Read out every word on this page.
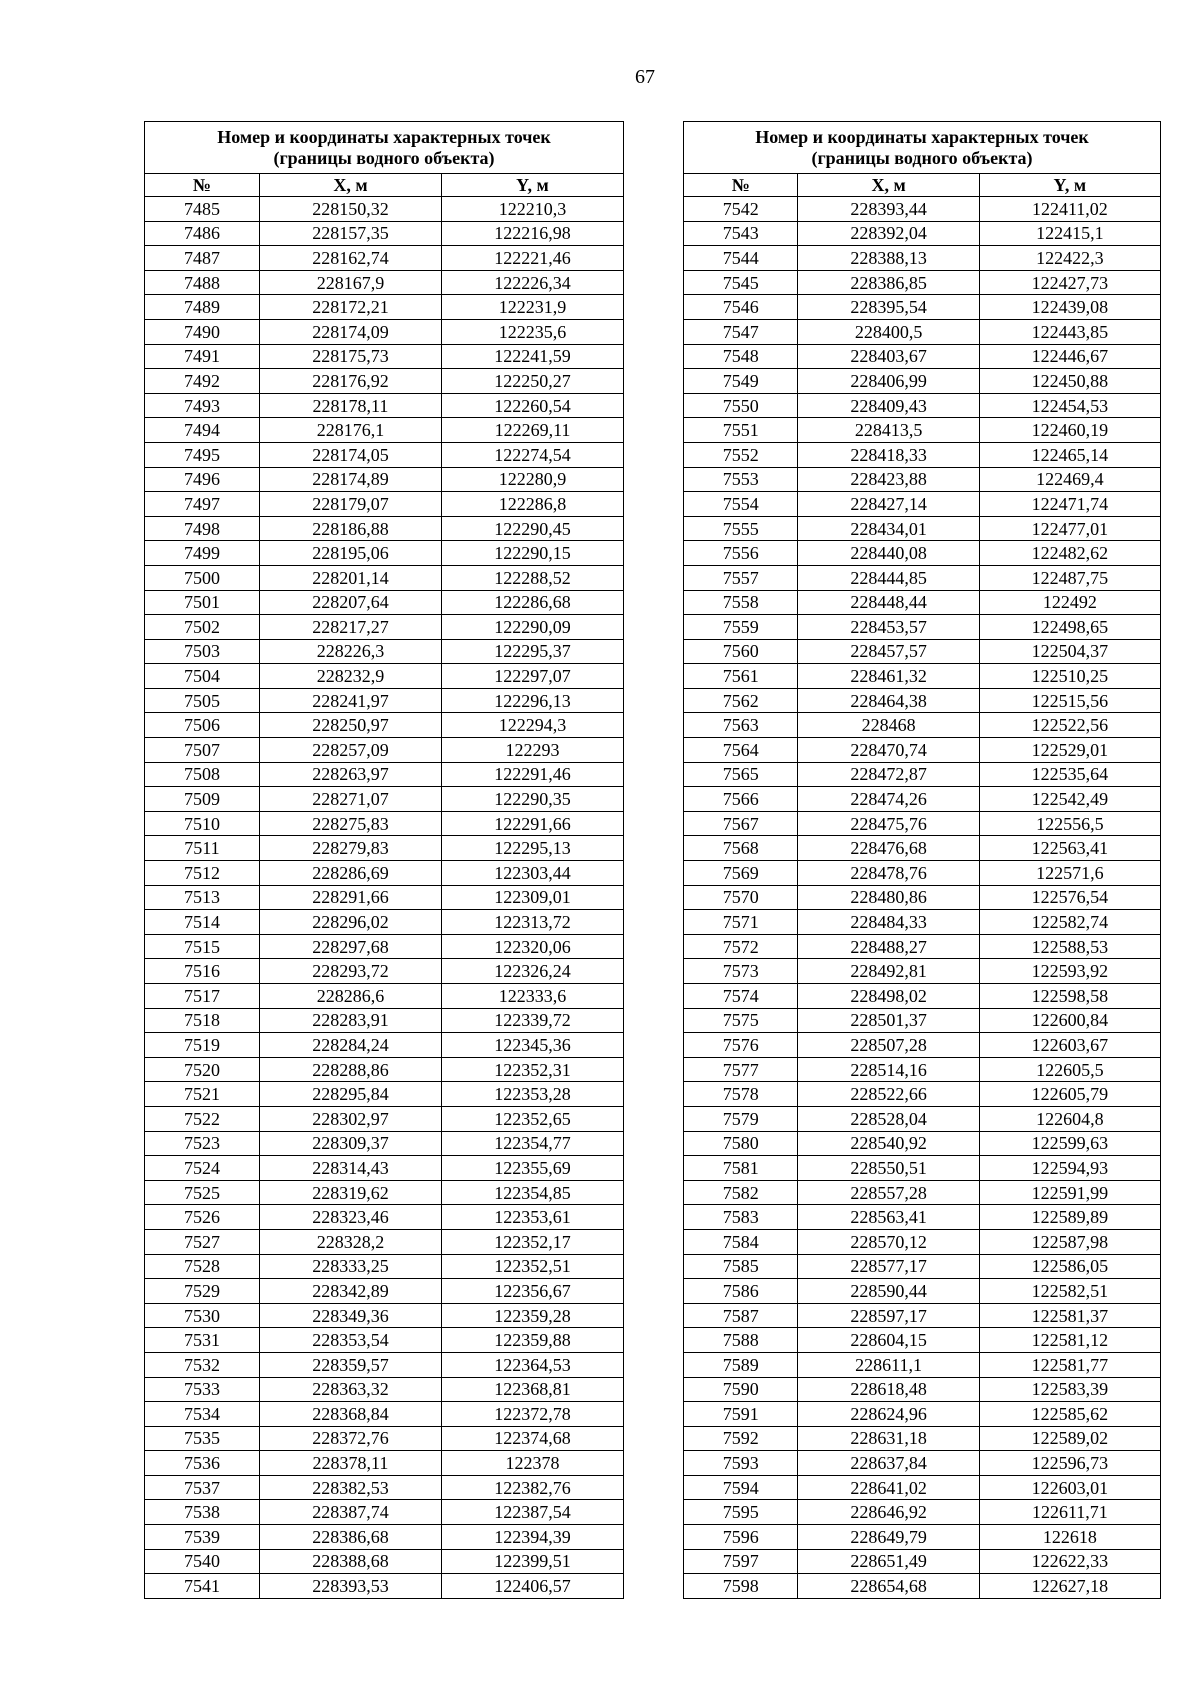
67
Номер и координаты характерных точек
(границы водного объекта)		
№	X, м	Y, м
7485	228150,32	122210,3
7486	228157,35	122216,98
7487	228162,74	122221,46
7488	228167,9	122226,34
7489	228172,21	122231,9
7490	228174,09	122235,6
7491	228175,73	122241,59
7492	228176,92	122250,27
7493	228178,11	122260,54
7494	228176,1	122269,11
7495	228174,05	122274,54
7496	228174,89	122280,9
7497	228179,07	122286,8
7498	228186,88	122290,45
7499	228195,06	122290,15
7500	228201,14	122288,52
7501	228207,64	122286,68
7502	228217,27	122290,09
7503	228226,3	122295,37
7504	228232,9	122297,07
7505	228241,97	122296,13
7506	228250,97	122294,3
7507	228257,09	122293
7508	228263,97	122291,46
7509	228271,07	122290,35
7510	228275,83	122291,66
7511	228279,83	122295,13
7512	228286,69	122303,44
7513	228291,66	122309,01
7514	228296,02	122313,72
7515	228297,68	122320,06
7516	228293,72	122326,24
7517	228286,6	122333,6
7518	228283,91	122339,72
7519	228284,24	122345,36
7520	228288,86	122352,31
7521	228295,84	122353,28
7522	228302,97	122352,65
7523	228309,37	122354,77
7524	228314,43	122355,69
7525	228319,62	122354,85
7526	228323,46	122353,61
7527	228328,2	122352,17
7528	228333,25	122352,51
7529	228342,89	122356,67
7530	228349,36	122359,28
7531	228353,54	122359,88
7532	228359,57	122364,53
7533	228363,32	122368,81
7534	228368,84	122372,78
7535	228372,76	122374,68
7536	228378,11	122378
7537	228382,53	122382,76
7538	228387,74	122387,54
7539	228386,68	122394,39
7540	228388,68	122399,51
7541	228393,53	122406,57
Номер и координаты характерных точек
(границы водного объекта)		
№	X, м	Y, м
7542	228393,44	122411,02
7543	228392,04	122415,1
7544	228388,13	122422,3
7545	228386,85	122427,73
7546	228395,54	122439,08
7547	228400,5	122443,85
7548	228403,67	122446,67
7549	228406,99	122450,88
7550	228409,43	122454,53
7551	228413,5	122460,19
7552	228418,33	122465,14
7553	228423,88	122469,4
7554	228427,14	122471,74
7555	228434,01	122477,01
7556	228440,08	122482,62
7557	228444,85	122487,75
7558	228448,44	122492
7559	228453,57	122498,65
7560	228457,57	122504,37
7561	228461,32	122510,25
7562	228464,38	122515,56
7563	228468	122522,56
7564	228470,74	122529,01
7565	228472,87	122535,64
7566	228474,26	122542,49
7567	228475,76	122556,5
7568	228476,68	122563,41
7569	228478,76	122571,6
7570	228480,86	122576,54
7571	228484,33	122582,74
7572	228488,27	122588,53
7573	228492,81	122593,92
7574	228498,02	122598,58
7575	228501,37	122600,84
7576	228507,28	122603,67
7577	228514,16	122605,5
7578	228522,66	122605,79
7579	228528,04	122604,8
7580	228540,92	122599,63
7581	228550,51	122594,93
7582	228557,28	122591,99
7583	228563,41	122589,89
7584	228570,12	122587,98
7585	228577,17	122586,05
7586	228590,44	122582,51
7587	228597,17	122581,37
7588	228604,15	122581,12
7589	228611,1	122581,77
7590	228618,48	122583,39
7591	228624,96	122585,62
7592	228631,18	122589,02
7593	228637,84	122596,73
7594	228641,02	122603,01
7595	228646,92	122611,71
7596	228649,79	122618
7597	228651,49	122622,33
7598	228654,68	122627,18
